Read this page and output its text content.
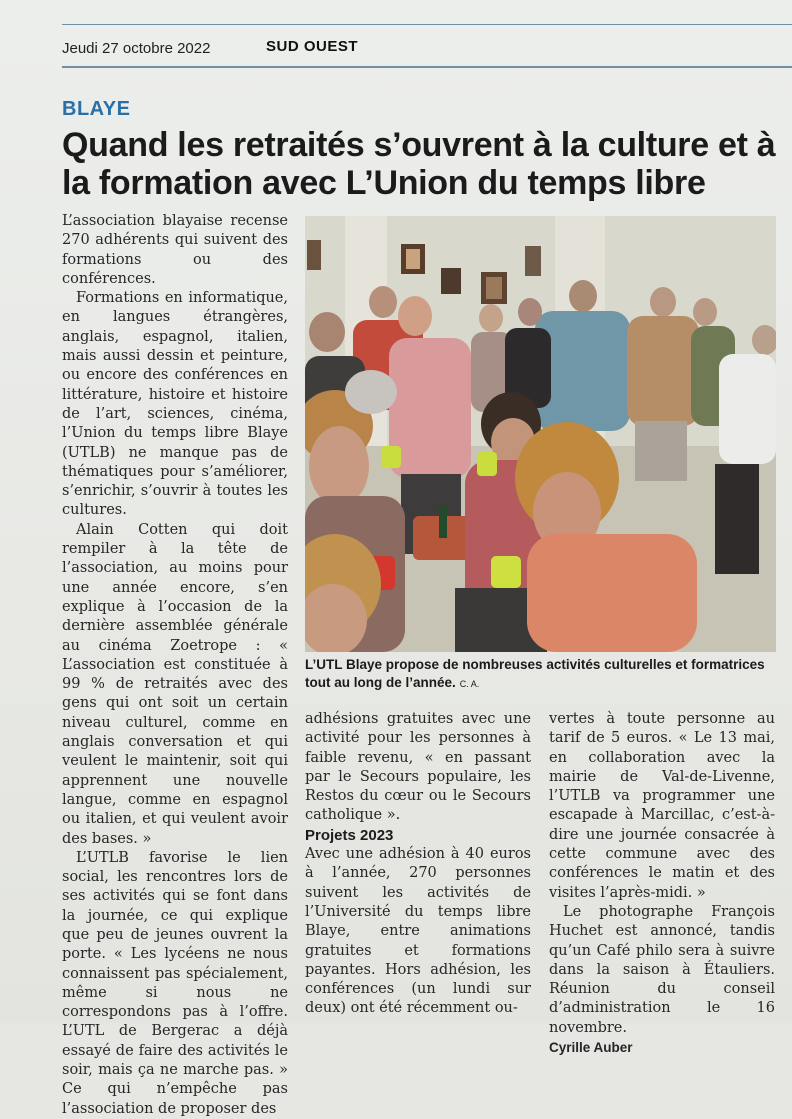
Jeudi 27 octobre 2022	SUD OUEST
BLAYE
Quand les retraités s’ouvrent à la culture et à la formation avec L’Union du temps libre

L’association blayaise recense 270 adhérents qui suivent des formations ou des conférences.

Formations en informatique, en langues étrangères, anglais, espagnol, italien, mais aussi dessin et peinture, ou encore des conférences en littérature, histoire et histoire de l’art, sciences, cinéma, l’Union du temps libre Blaye (UTLB) ne manque pas de thématiques pour s’améliorer, s’enrichir, s’ouvrir à toutes les cultures.

Alain Cotten qui doit rempiler à la tête de l’association, au moins pour une année encore, s’en explique à l’occasion de la dernière assemblée générale au cinéma Zoetrope : « L’association est constituée à 99 % de retraités avec des gens qui ont soit un certain niveau culturel, comme en anglais conversation et qui veulent le maintenir, soit qui apprennent une nouvelle langue, comme en espagnol ou italien, et qui veulent avoir des bases. »

L’UTLB favorise le lien social, les rencontres lors de ses activités qui se font dans la journée, ce qui explique que peu de jeunes ouvrent la porte. « Les lycéens ne nous connaissent pas spécialement, même si nous ne correspondons pas à l’offre. L’UTL de Bergerac a déjà essayé de faire des activités le soir, mais ça ne marche pas. » Ce qui n’empêche pas l’association de proposer des

L’UTL Blaye propose de nombreuses activités culturelles et formatrices tout au long de l’année. C. A.

adhésions gratuites avec une activité pour les personnes à faible revenu, « en passant par le Secours populaire, les Restos du cœur ou le Secours catholique ».

Projets 2023

Avec une adhésion à 40 euros à l’année, 270 personnes suivent les activités de l’Université du temps libre Blaye, entre animations gratuites et formations payantes. Hors adhésion, les conférences (un lundi sur deux) ont été récemment ou-

vertes à toute personne au tarif de 5 euros. « Le 13 mai, en collaboration avec la mairie de Val-de-Livenne, l’UTLB va programmer une escapade à Marcillac, c’est-à-dire une journée consacrée à cette commune avec des conférences le matin et des visites l’après-midi. »

Le photographe François Huchet est annoncé, tandis qu’un Café philo sera à suivre dans la saison à Étauliers. Réunion du conseil d’administration le 16 novembre.

Cyrille Auber
